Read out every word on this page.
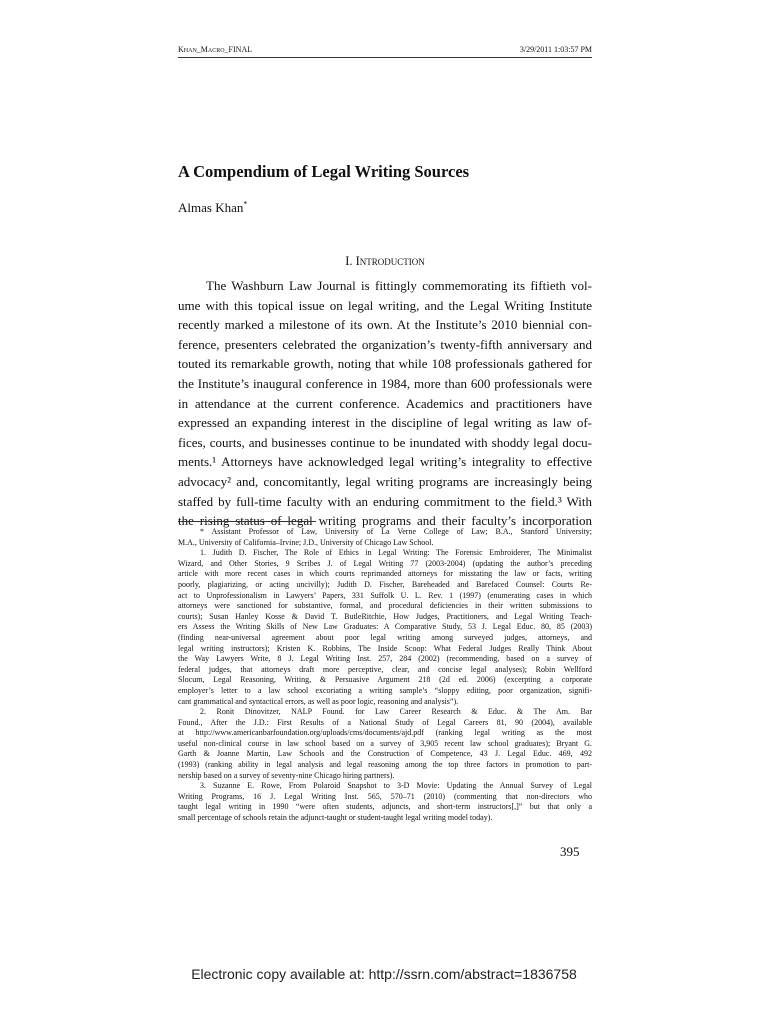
Khan_Macro_FINAL	3/29/2011 1:03:57 PM
A Compendium of Legal Writing Sources
Almas Khan*
I. Introduction
The Washburn Law Journal is fittingly commemorating its fiftieth vol-
ume with this topical issue on legal writing, and the Legal Writing Institute
recently marked a milestone of its own. At the Institute’s 2010 biennial con-
ference, presenters celebrated the organization’s twenty-fifth anniversary and
touted its remarkable growth, noting that while 108 professionals gathered for
the Institute’s inaugural conference in 1984, more than 600 professionals were
in attendance at the current conference. Academics and practitioners have
expressed an expanding interest in the discipline of legal writing as law of-
fices, courts, and businesses continue to be inundated with shoddy legal docu-
ments.¹ Attorneys have acknowledged legal writing’s integrality to effective
advocacy² and, concomitantly, legal writing programs are increasingly being
staffed by full-time faculty with an enduring commitment to the field.³ With
the rising status of legal writing programs and their faculty’s incorporation
* Assistant Professor of Law, University of La Verne College of Law; B.A., Stanford University;
M.A., University of California–Irvine; J.D., University of Chicago Law School.
1. Judith D. Fischer, The Role of Ethics in Legal Writing: The Forensic Embroiderer, The Minimalist
Wizard, and Other Stories, 9 Scribes J. of Legal Writing 77 (2003-2004) (updating the author’s preceding
article with more recent cases in which courts reprimanded attorneys for misstating the law or facts, writing
poorly, plagiarizing, or acting uncivilly); Judith D. Fischer, Bareheaded and Barefaced Counsel: Courts Re-
act to Unprofessionalism in Lawyers’ Papers, 331 Suffolk U. L. Rev. 1 (1997) (enumerating cases in which
attorneys were sanctioned for substantive, formal, and procedural deficiencies in their written submissions to
courts); Susan Hanley Kosse & David T. ButleRitchie, How Judges, Practitioners, and Legal Writing Teach-
ers Assess the Writing Skills of New Law Graduates: A Comparative Study, 53 J. Legal Educ. 80, 85 (2003)
(finding near-universal agreement about poor legal writing among surveyed judges, attorneys, and
legal writing instructors); Kristen K. Robbins, The Inside Scoop: What Federal Judges Really Think About
the Way Lawyers Write, 8 J. Legal Writing Inst. 257, 284 (2002) (recommending, based on a survey of
federal judges, that attorneys draft more perceptive, clear, and concise legal analyses); Robin Wellford
Slocum, Legal Reasoning, Writing, & Persuasive Argument 218 (2d ed. 2006) (excerpting a corporate
employer’s letter to a law school excoriating a writing sample’s “sloppy editing, poor organization, signifi-
cant grammatical and syntactical errors, as well as poor logic, reasoning and analysis”).
2. Ronit Dinovitzer, NALP Found. for Law Career Research & Educ. & The Am. Bar
Found., After the J.D.: First Results of a National Study of Legal Careers 81, 90 (2004), available
at http://www.americanbarfoundation.org/uploads/cms/documents/ajd.pdf (ranking legal writing as the most
useful non-clinical course in law school based on a survey of 3,905 recent law school graduates); Bryant G.
Garth & Joanne Martin, Law Schools and the Construction of Competence, 43 J. Legal Educ. 469, 492
(1993) (ranking ability in legal analysis and legal reasoning among the top three factors in promotion to part-
nership based on a survey of seventy-nine Chicago hiring partners).
3. Suzanne E. Rowe, From Polaroid Snapshot to 3-D Movie: Updating the Annual Survey of Legal
Writing Programs, 16 J. Legal Writing Inst. 565, 570–71 (2010) (commenting that non-directors who
taught legal writing in 1990 “were often students, adjuncts, and short-term instructors[,]” but that only a
small percentage of schools retain the adjunct-taught or student-taught legal writing model today).
395
Electronic copy available at: http://ssrn.com/abstract=1836758
